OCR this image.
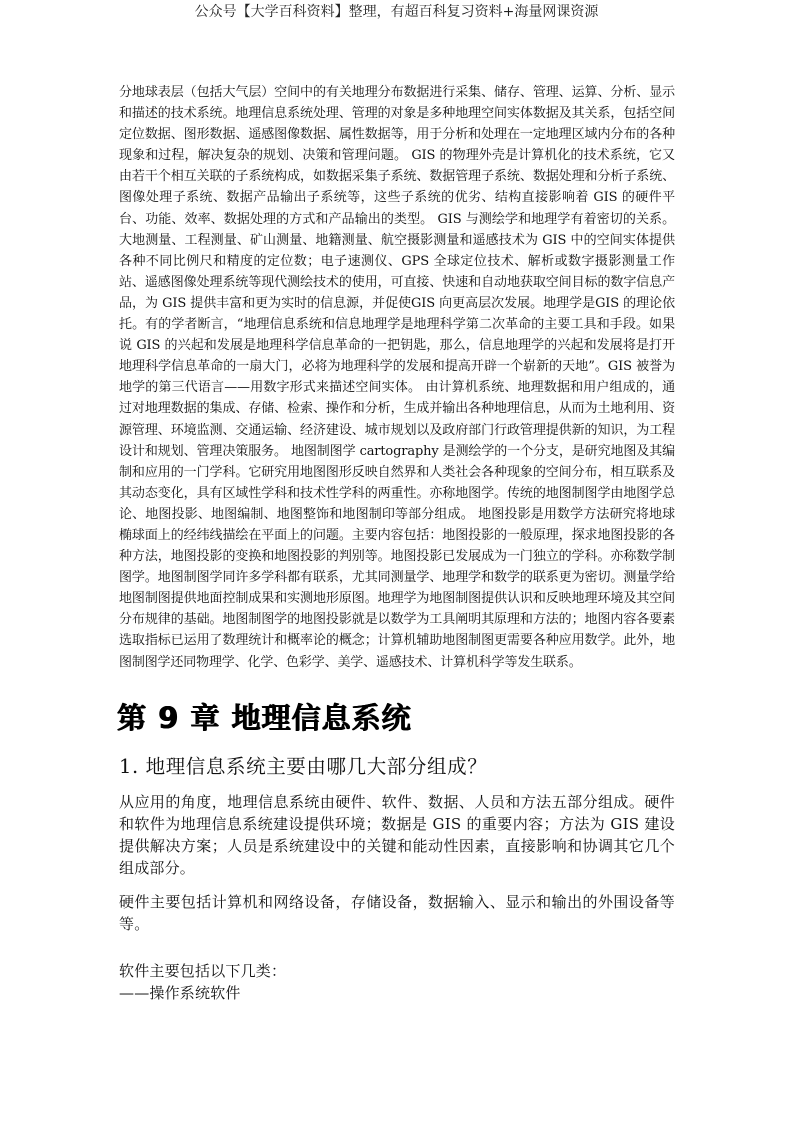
公众号【大学百科资料】整理，有超百科复习资料+海量网课资源
分地球表层（包括大气层）空间中的有关地理分布数据进行采集、储存、管理、运算、分析、显示和描述的技术系统。地理信息系统处理、管理的对象是多种地理空间实体数据及其关系，包括空间定位数据、图形数据、遥感图像数据、属性数据等，用于分析和处理在一定地理区域内分布的各种现象和过程，解决复杂的规划、决策和管理问题。 GIS 的物理外壳是计算机化的技术系统，它又由若干个相互关联的子系统构成，如数据采集子系统、数据管理子系统、数据处理和分析子系统、图像处理子系统、数据产品输出子系统等，这些子系统的优劣、结构直接影响着 GIS 的硬件平台、功能、效率、数据处理的方式和产品输出的类型。 GIS 与测绘学和地理学有着密切的关系。大地测量、工程测量、矿山测量、地籍测量、航空摄影测量和遥感技术为 GIS 中的空间实体提供各种不同比例尺和精度的定位数；电子速测仪、GPS 全球定位技术、解析或数字摄影测量工作站、遥感图像处理系统等现代测绘技术的使用，可直接、快速和自动地获取空间目标的数字信息产品，为 GIS 提供丰富和更为实时的信息源，并促使GIS 向更高层次发展。地理学是GIS 的理论依托。有的学者断言，“地理信息系统和信息地理学是地理科学第二次革命的主要工具和手段。如果说 GIS 的兴起和发展是地理科学信息革命的一把钥匙，那么，信息地理学的兴起和发展将是打开地理科学信息革命的一扇大门，必将为地理科学的发展和提高开辟一个崭新的天地”。GIS 被誉为地学的第三代语言——用数字形式来描述空间实体。 由计算机系统、地理数据和用户组成的，通过对地理数据的集成、存储、检索、操作和分析，生成并输出各种地理信息，从而为土地利用、资源管理、环境监测、交通运输、经济建设、城市规划以及政府部门行政管理提供新的知识，为工程设计和规划、管理决策服务。 地图制图学 cartography 是测绘学的一个分支，是研究地图及其编制和应用的一门学科。它研究用地图图形反映自然界和人类社会各种现象的空间分布，相互联系及其动态变化，具有区域性学科和技术性学科的两重性。亦称地图学。传统的地图制图学由地图学总论、地图投影、地图编制、地图整饰和地图制印等部分组成。 地图投影是用数学方法研究将地球椭球面上的经纬线描绘在平面上的问题。主要内容包括：地图投影的一般原理，探求地图投影的各种方法，地图投影的变换和地图投影的判别等。地图投影已发展成为一门独立的学科。亦称数学制图学。地图制图学同许多学科都有联系，尤其同测量学、地理学和数学的联系更为密切。测量学给地图制图提供地面控制成果和实测地形原图。地理学为地图制图提供认识和反映地理环境及其空间分布规律的基础。地图制图学的地图投影就是以数学为工具阐明其原理和方法的；地图内容各要素选取指标已运用了数理统计和概率论的概念；计算机辅助地图制图更需要各种应用数学。此外，地图制图学还同物理学、化学、色彩学、美学、遥感技术、计算机科学等发生联系。
第 9 章 地理信息系统
1. 地理信息系统主要由哪几大部分组成？
从应用的角度，地理信息系统由硬件、软件、数据、人员和方法五部分组成。硬件和软件为地理信息系统建设提供环境；数据是 GIS 的重要内容；方法为 GIS 建设提供解决方案；人员是系统建设中的关键和能动性因素，直接影响和协调其它几个组成部分。
硬件主要包括计算机和网络设备，存储设备，数据输入、显示和输出的外围设备等等。
软件主要包括以下几类：
——操作系统软件
